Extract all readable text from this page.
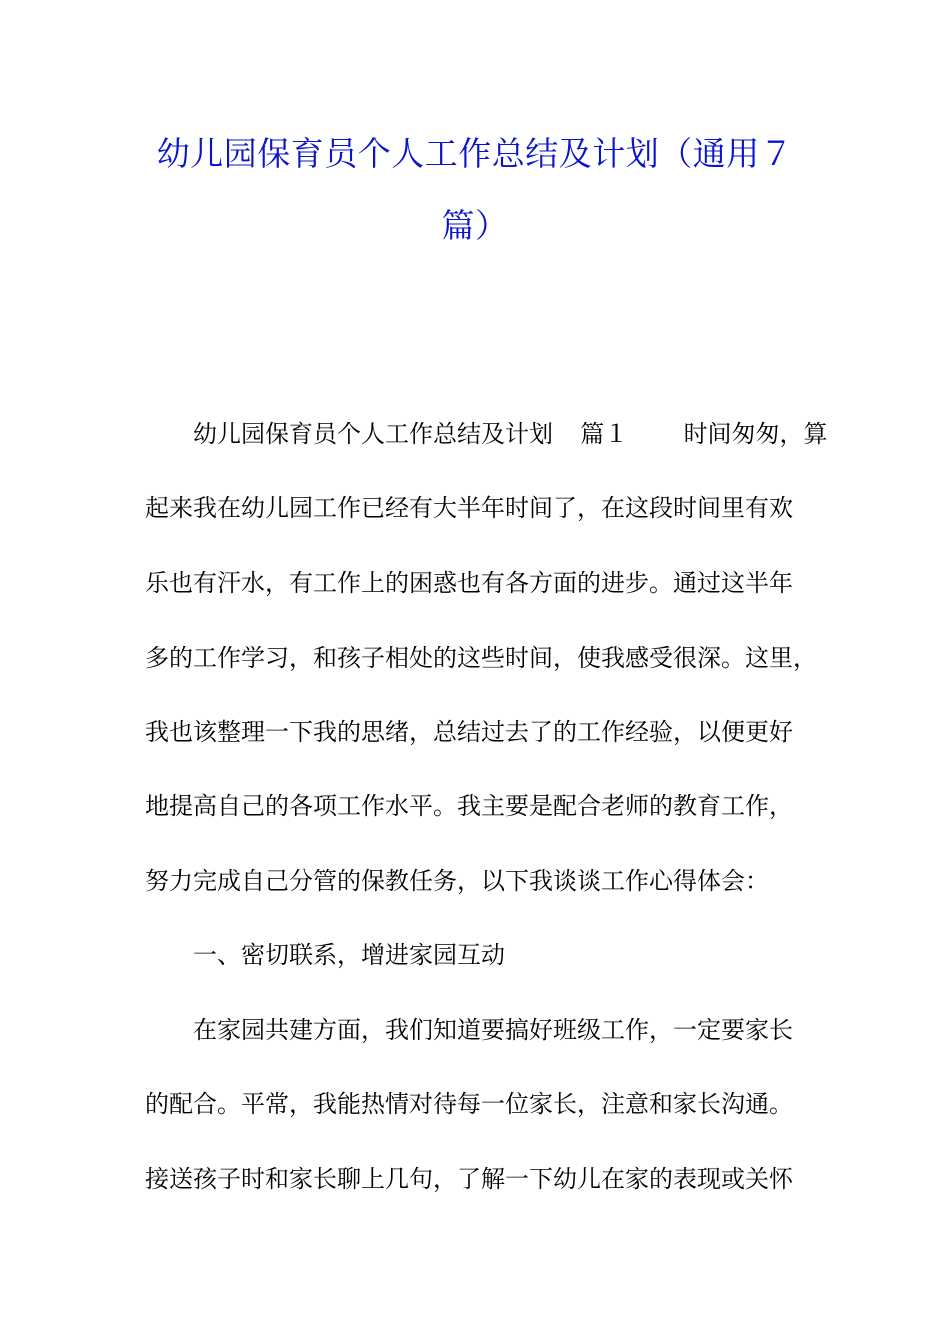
幼儿园保育员个人工作总结及计划（通用７
篇）
幼儿园保育员个人工作总结及计划 篇１ 时间匆匆，算
起来我在幼儿园工作已经有大半年时间了，在这段时间里有欢
乐也有汗水，有工作上的困惑也有各方面的进步。通过这半年
多的工作学习，和孩子相处的这些时间，使我感受很深。这里，
我也该整理一下我的思绪，总结过去了的工作经验，以便更好
地提高自己的各项工作水平。我主要是配合老师的教育工作，
努力完成自己分管的保教任务，以下我谈谈工作心得体会：
一、密切联系，增进家园互动
在家园共建方面，我们知道要搞好班级工作，一定要家长
的配合。平常，我能热情对待每一位家长，注意和家长沟通。
接送孩子时和家长聊上几句，了解一下幼儿在家的表现或关怀
